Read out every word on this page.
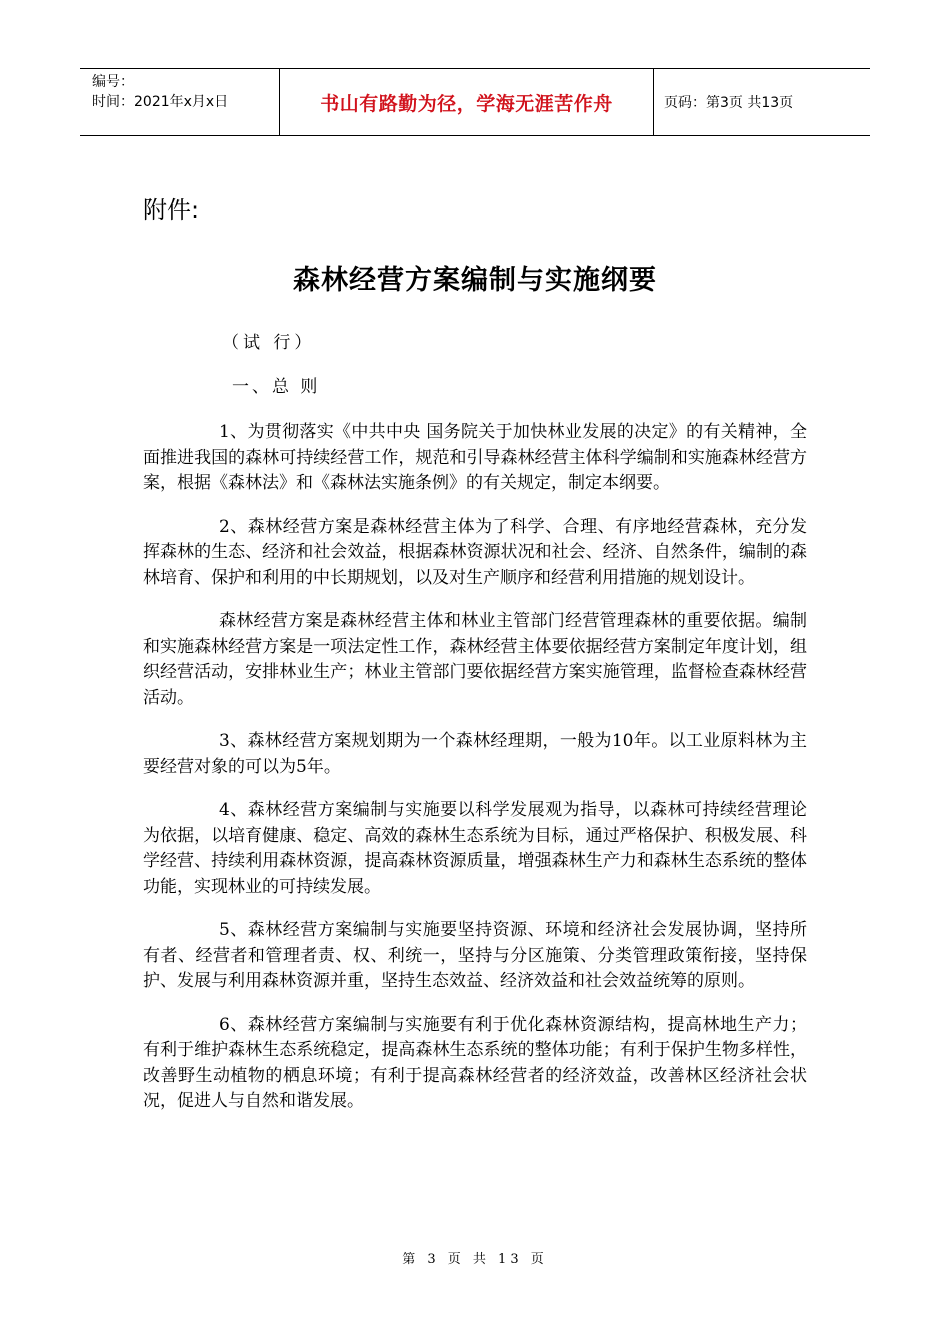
编号：
时间：2021年x月x日	书山有路勤为径，学海无涯苦作舟	页码：第3页 共13页
附件:
森林经营方案编制与实施纲要
（试 行）
一、总 则

1、为贯彻落实《中共中央 国务院关于加快林业发展的决定》的有关精神，全面推进我国的森林可持续经营工作，规范和引导森林经营主体科学编制和实施森林经营方案，根据《森林法》和《森林法实施条例》的有关规定，制定本纲要。

2、森林经营方案是森林经营主体为了科学、合理、有序地经营森林，充分发挥森林的生态、经济和社会效益，根据森林资源状况和社会、经济、自然条件，编制的森林培育、保护和利用的中长期规划，以及对生产顺序和经营利用措施的规划设计。

森林经营方案是森林经营主体和林业主管部门经营管理森林的重要依据。编制和实施森林经营方案是一项法定性工作，森林经营主体要依据经营方案制定年度计划，组织经营活动，安排林业生产；林业主管部门要依据经营方案实施管理，监督检查森林经营活动。

3、森林经营方案规划期为一个森林经理期，一般为10年。以工业原料林为主要经营对象的可以为5年。

4、森林经营方案编制与实施要以科学发展观为指导，以森林可持续经营理论为依据，以培育健康、稳定、高效的森林生态系统为目标，通过严格保护、积极发展、科学经营、持续利用森林资源，提高森林资源质量，增强森林生产力和森林生态系统的整体功能，实现林业的可持续发展。

5、森林经营方案编制与实施要坚持资源、环境和经济社会发展协调，坚持所有者、经营者和管理者责、权、利统一，坚持与分区施策、分类管理政策衔接，坚持保护、发展与利用森林资源并重，坚持生态效益、经济效益和社会效益统筹的原则。

6、森林经营方案编制与实施要有利于优化森林资源结构，提高林地生产力；有利于维护森林生态系统稳定，提高森林生态系统的整体功能；有利于保护生物多样性，改善野生动植物的栖息环境；有利于提高森林经营者的经济效益，改善林区经济社会状况，促进人与自然和谐发展。

第 3 页 共 13 页
